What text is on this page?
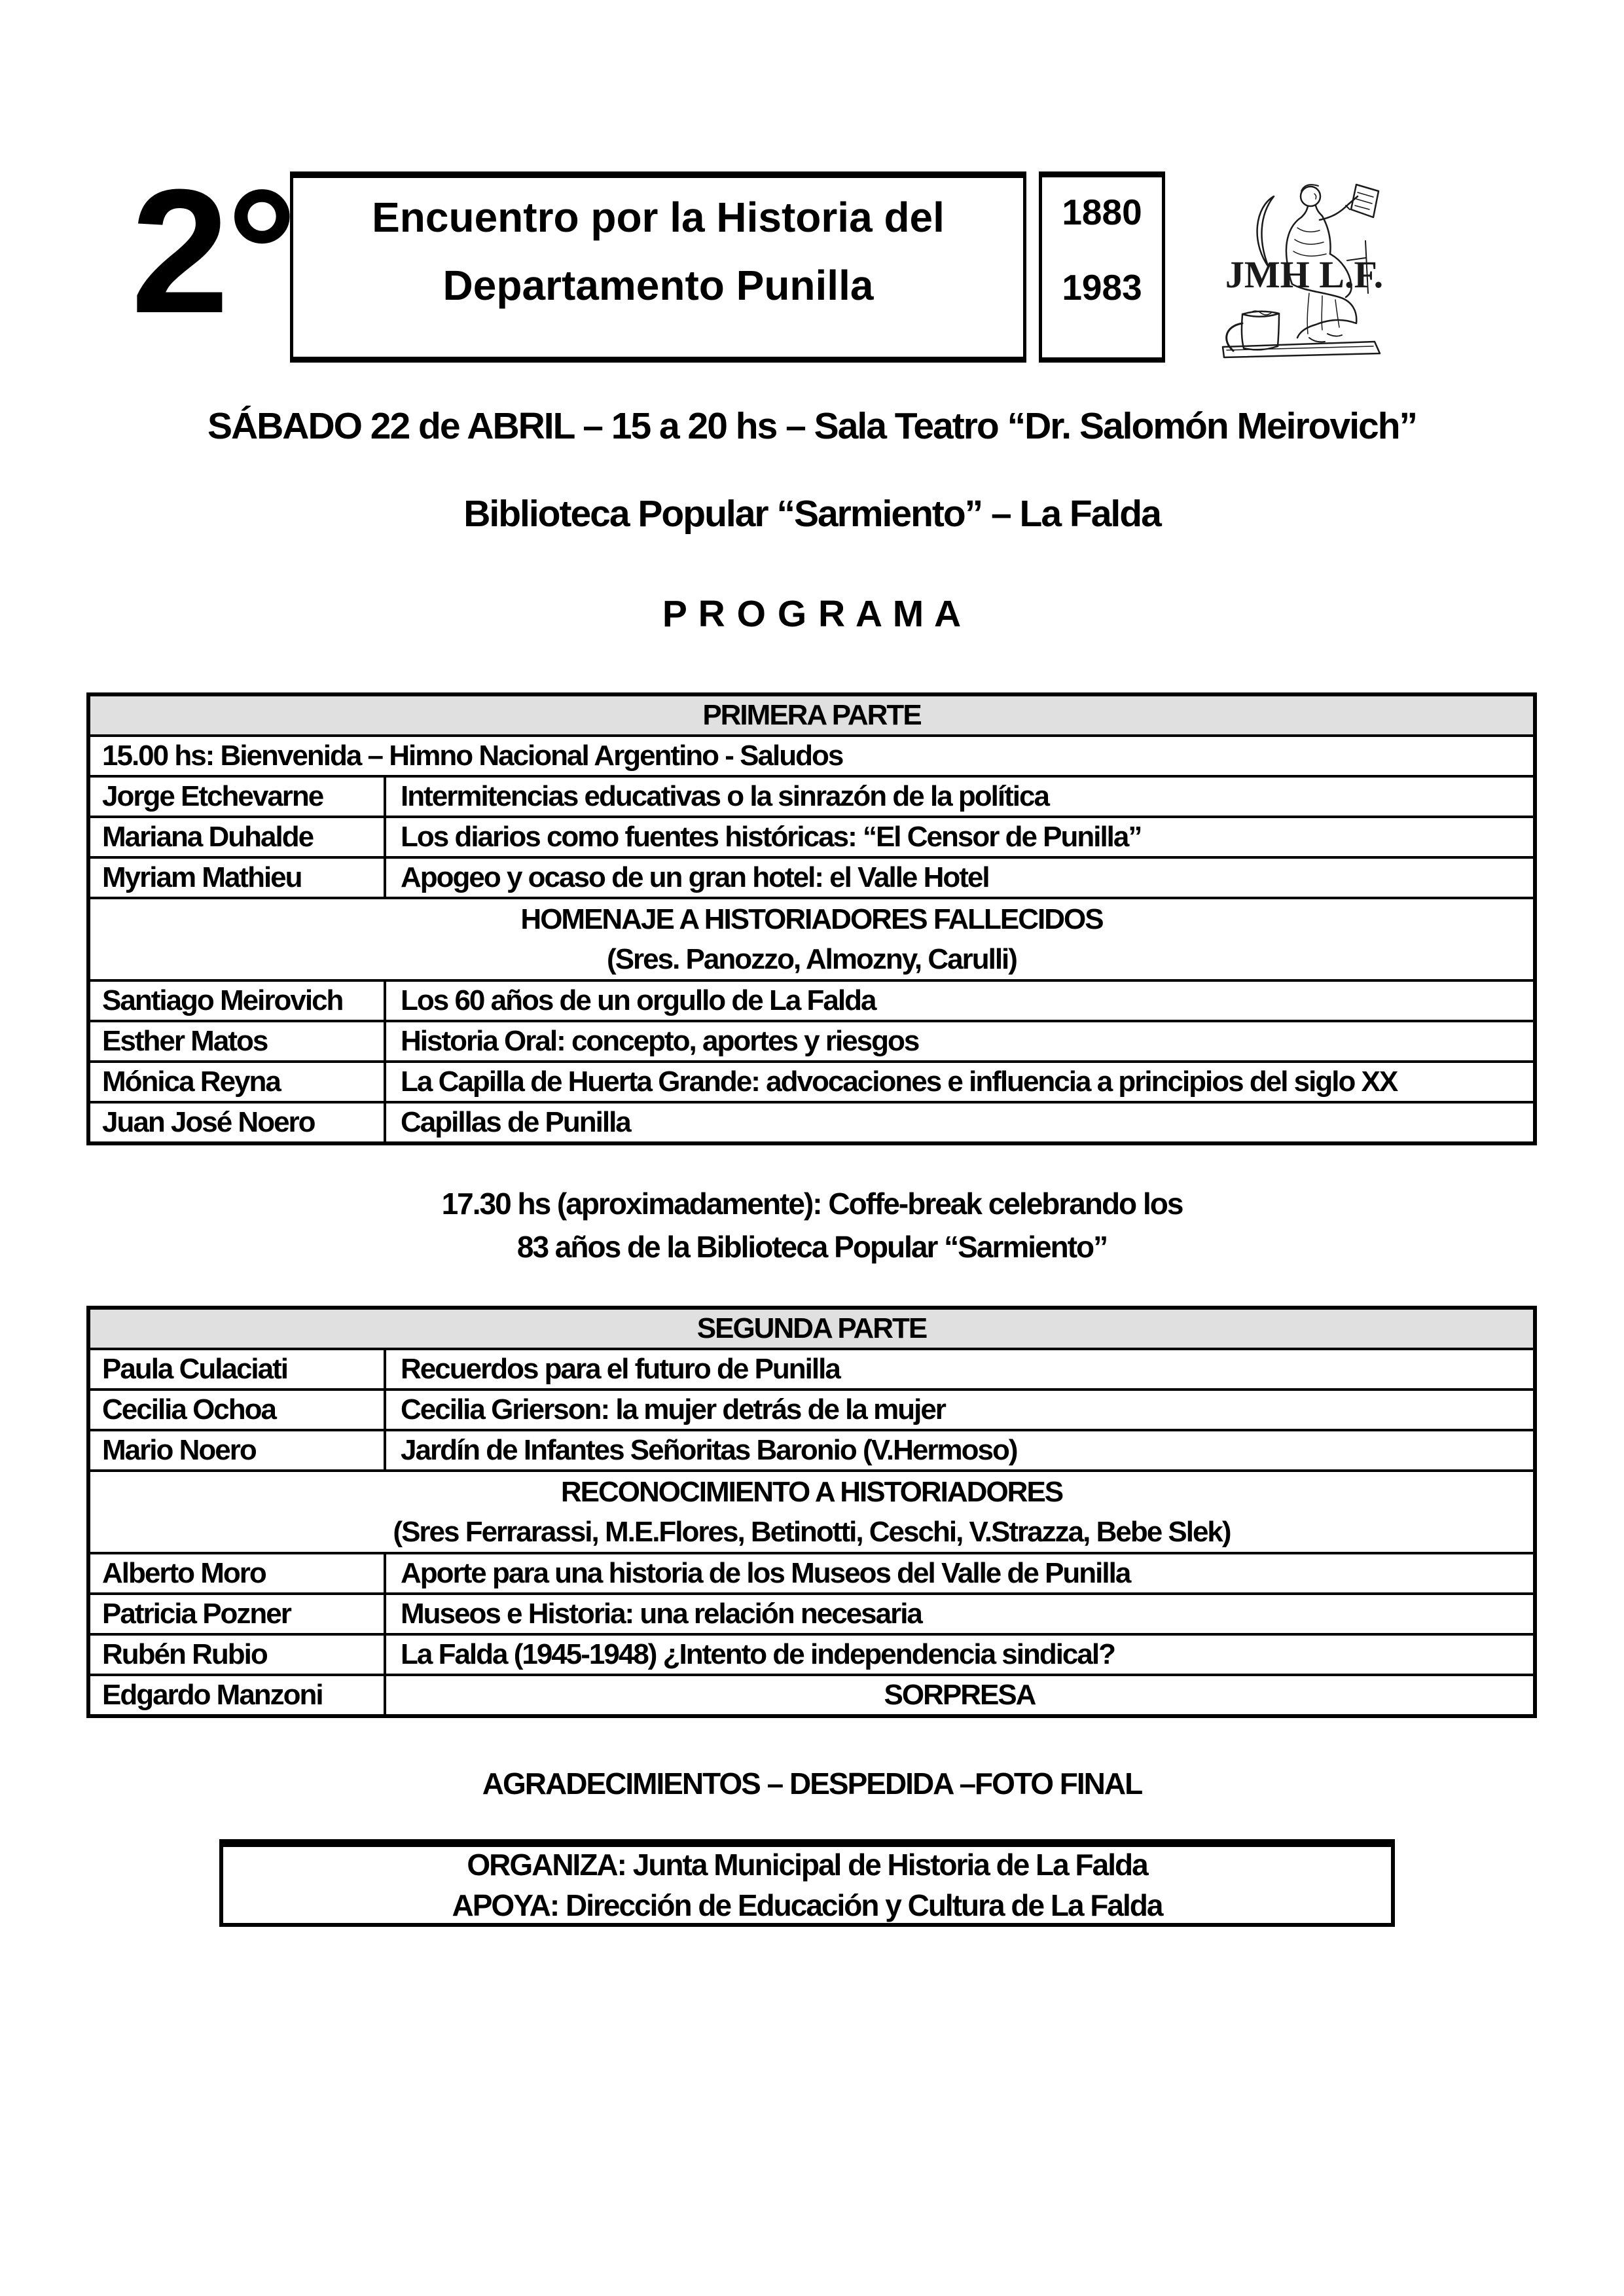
2° Encuentro por la Historia del
Departamento Punilla
1880
1983	JMH L.F.
SÁBADO 22 de ABRIL – 15 a 20 hs – Sala Teatro “Dr. Salomón Meirovich”
Biblioteca Popular “Sarmiento” – La Falda
P R O G R A M A
PRIMERA PARTE
15.00 hs: Bienvenida – Himno Nacional Argentino - Saludos
Jorge Etchevarne	Intermitencias educativas o la sinrazón de la política
Mariana Duhalde	Los diarios como fuentes históricas: “El Censor de Punilla”
Myriam Mathieu	Apogeo y ocaso de un gran hotel: el Valle Hotel
HOMENAJE A HISTORIADORES FALLECIDOS
(Sres. Panozzo, Almozny, Carulli)
Santiago Meirovich	Los 60 años de un orgullo de La Falda
Esther Matos	Historia Oral: concepto, aportes y riesgos
Mónica Reyna	La Capilla de Huerta Grande: advocaciones e influencia a principios del siglo XX
Juan José Noero	Capillas de Punilla
17.30 hs (aproximadamente): Coffe-break celebrando los
83 años de la Biblioteca Popular “Sarmiento”
SEGUNDA PARTE
Paula Culaciati	Recuerdos para el futuro de Punilla
Cecilia Ochoa	Cecilia Grierson: la mujer detrás de la mujer
Mario Noero	Jardín de Infantes Señoritas Baronio (V.Hermoso)
RECONOCIMIENTO A HISTORIADORES
(Sres Ferrarassi, M.E.Flores, Betinotti, Ceschi, V.Strazza, Bebe Slek)
Alberto Moro	Aporte para una historia de los Museos del Valle de Punilla
Patricia Pozner	Museos e Historia: una relación necesaria
Rubén Rubio	La Falda (1945-1948) ¿Intento de independencia sindical?
Edgardo Manzoni	SORPRESA
AGRADECIMIENTOS – DESPEDIDA –FOTO FINAL
ORGANIZA: Junta Municipal de Historia de La Falda
APOYA: Dirección de Educación y Cultura de La Falda
